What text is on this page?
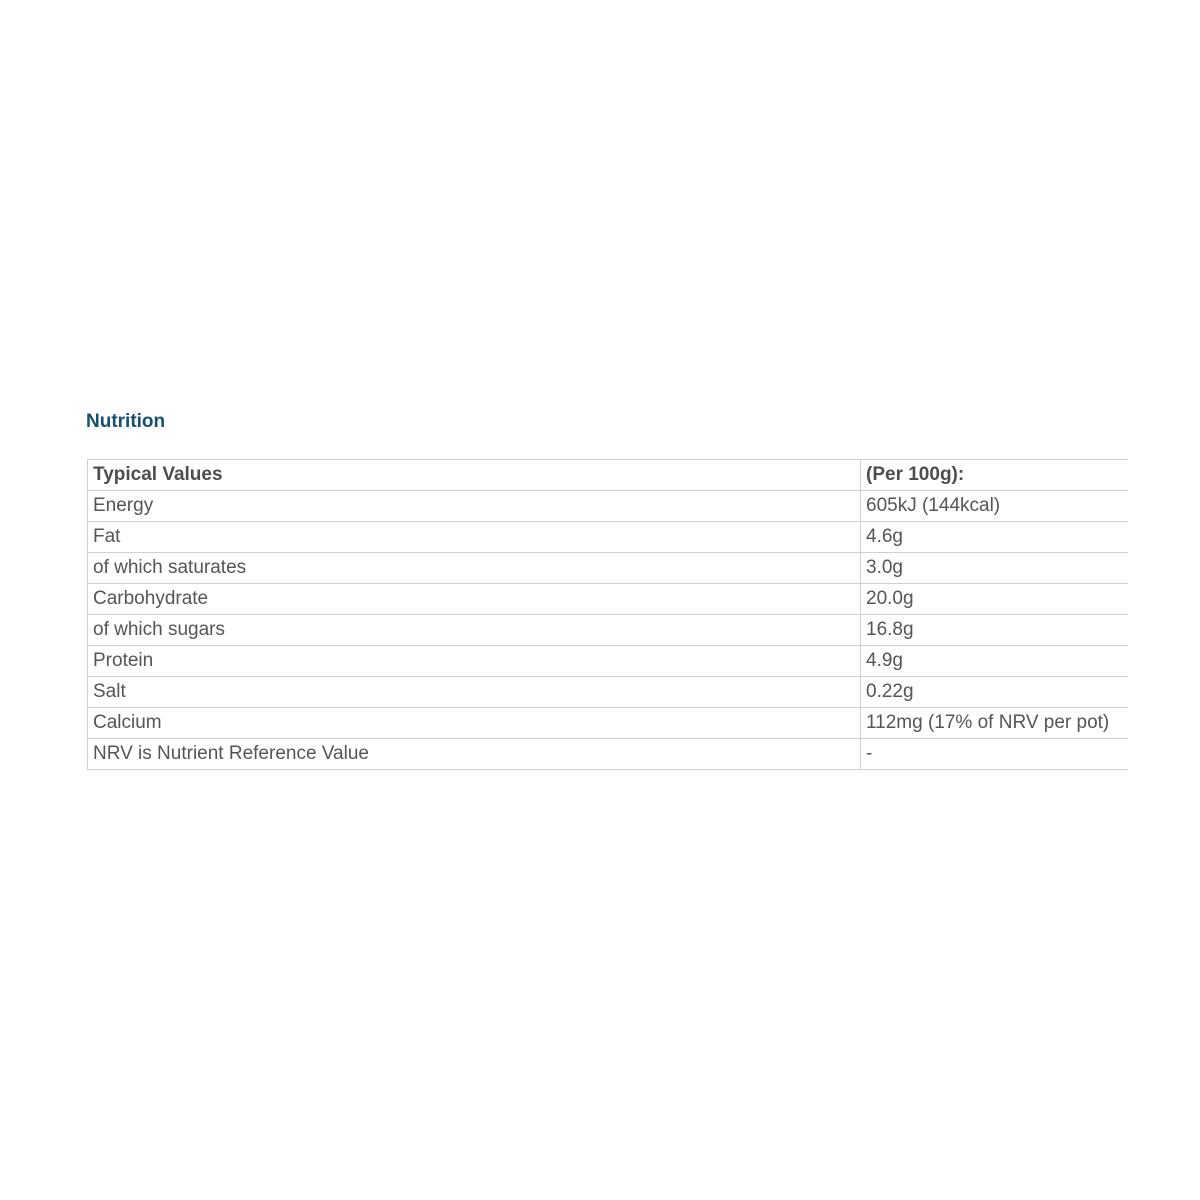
Nutrition
Typical Values	(Per 100g):
Energy	605kJ (144kcal)
Fat	4.6g
of which saturates	3.0g
Carbohydrate	20.0g
of which sugars	16.8g
Protein	4.9g
Salt	0.22g
Calcium	112mg (17% of NRV per pot)
NRV is Nutrient Reference Value	-
